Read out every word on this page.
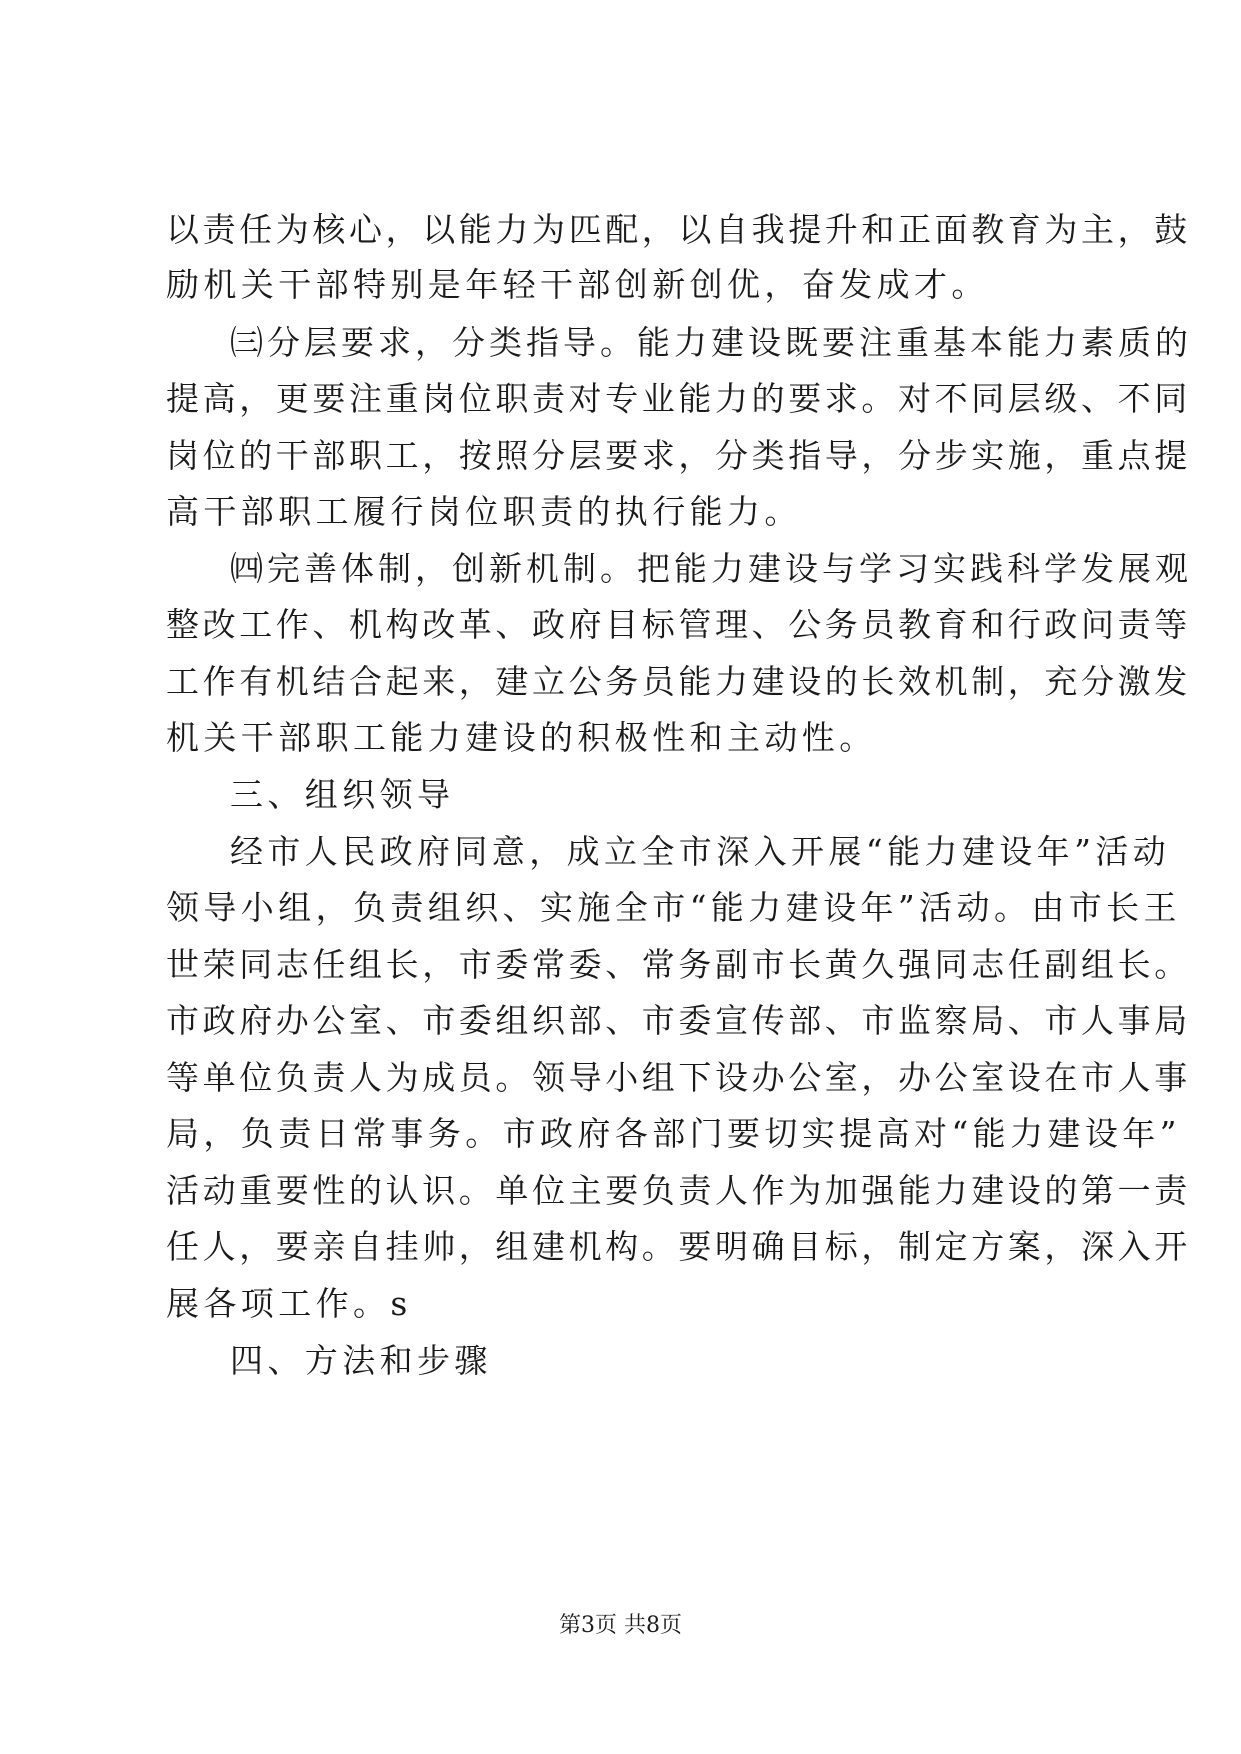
以责任为核心，以能力为匹配，以自我提升和正面教育为主，鼓
励机关干部特别是年轻干部创新创优，奋发成才。
㈢分层要求，分类指导。能力建设既要注重基本能力素质的
提高，更要注重岗位职责对专业能力的要求。对不同层级、不同
岗位的干部职工，按照分层要求，分类指导，分步实施，重点提
高干部职工履行岗位职责的执行能力。
㈣完善体制，创新机制。把能力建设与学习实践科学发展观
整改工作、机构改革、政府目标管理、公务员教育和行政问责等
工作有机结合起来，建立公务员能力建设的长效机制，充分激发
机关干部职工能力建设的积极性和主动性。
三、组织领导
经市人民政府同意，成立全市深入开展“能力建设年”活动
领导小组，负责组织、实施全市“能力建设年”活动。由市长王
世荣同志任组长，市委常委、常务副市长黄久强同志任副组长。
市政府办公室、市委组织部、市委宣传部、市监察局、市人事局
等单位负责人为成员。领导小组下设办公室，办公室设在市人事
局，负责日常事务。市政府各部门要切实提高对“能力建设年”
活动重要性的认识。单位主要负责人作为加强能力建设的第一责
任人，要亲自挂帅，组建机构。要明确目标，制定方案，深入开
展各项工作。s
四、方法和步骤
第3页 共8页
